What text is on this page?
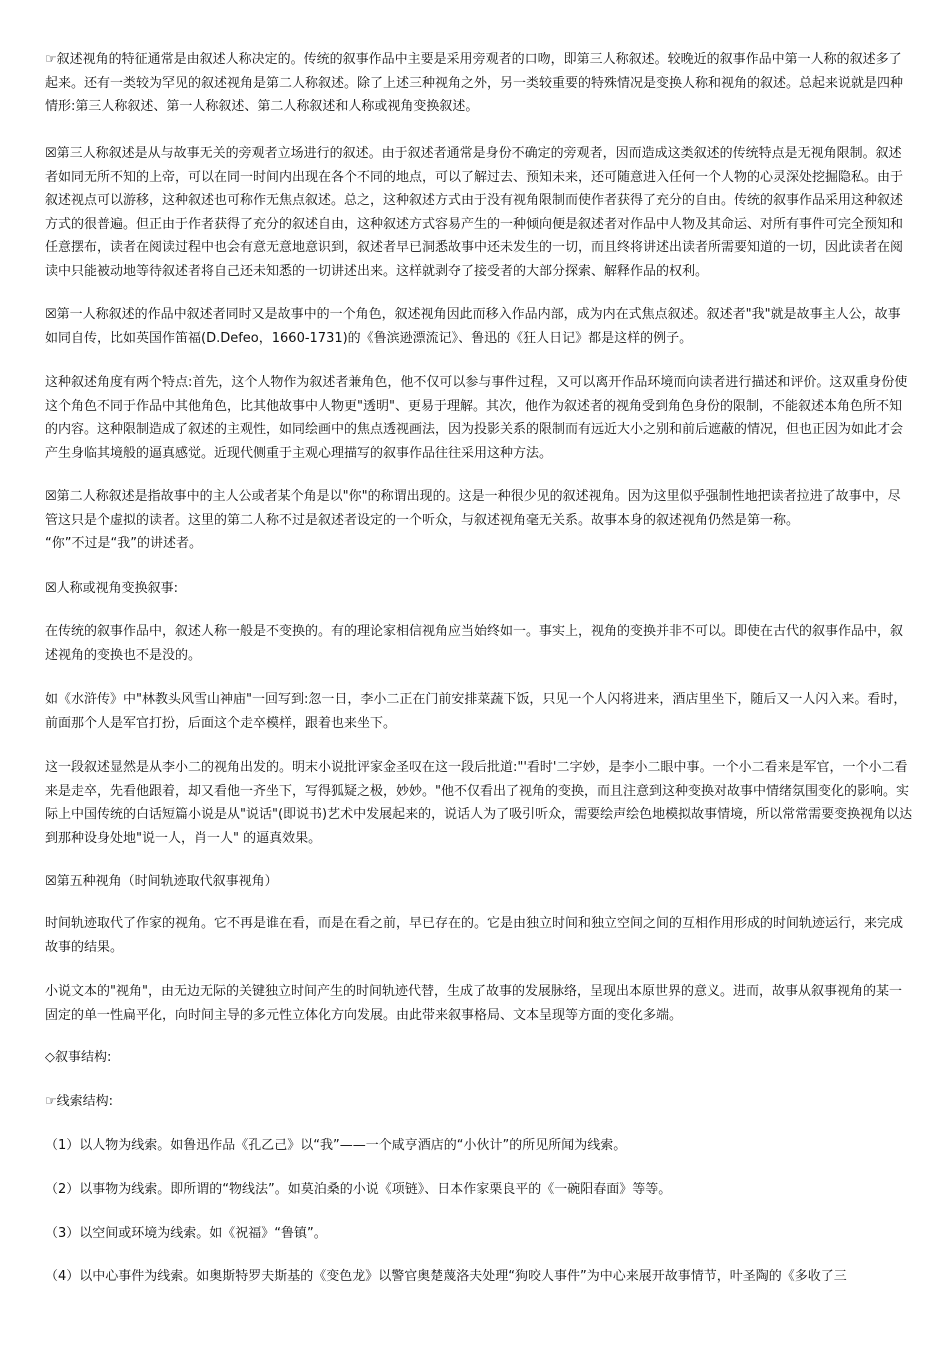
☞叙述视角的特征通常是由叙述人称决定的。传统的叙事作品中主要是采用旁观者的口吻，即第三人称叙述。较晚近的叙事作品中第一人称的叙述多了起来。还有一类较为罕见的叙述视角是第二人称叙述。除了上述三种视角之外，另一类较重要的特殊情况是变换人称和视角的叙述。总起来说就是四种情形:第三人称叙述、第一人称叙述、第二人称叙述和人称或视角变换叙述。

☒第三人称叙述是从与故事无关的旁观者立场进行的叙述。由于叙述者通常是身份不确定的旁观者，因而造成这类叙述的传统特点是无视角限制。叙述者如同无所不知的上帝，可以在同一时间内出现在各个不同的地点，可以了解过去、预知未来，还可随意进入任何一个人物的心灵深处挖掘隐私。由于叙述视点可以游移，这种叙述也可称作无焦点叙述。总之，这种叙述方式由于没有视角限制而使作者获得了充分的自由。传统的叙事作品采用这种叙述方式的很普遍。但正由于作者获得了充分的叙述自由，这种叙述方式容易产生的一种倾向便是叙述者对作品中人物及其命运、对所有事件可完全预知和任意摆布，读者在阅读过程中也会有意无意地意识到，叙述者早已洞悉故事中还未发生的一切，而且终将讲述出读者所需要知道的一切，因此读者在阅读中只能被动地等待叙述者将自己还未知悉的一切讲述出来。这样就剥夺了接受者的大部分探索、解释作品的权利。

☒第一人称叙述的作品中叙述者同时又是故事中的一个角色，叙述视角因此而移入作品内部，成为内在式焦点叙述。叙述者"我"就是故事主人公，故事如同自传，比如英国作笛福(D.Defeo，1660-1731)的《鲁滨逊漂流记》、鲁迅的《狂人日记》都是这样的例子。

这种叙述角度有两个特点:首先，这个人物作为叙述者兼角色，他不仅可以参与事件过程，又可以离开作品环境而向读者进行描述和评价。这双重身份使这个角色不同于作品中其他角色，比其他故事中人物更"透明"、更易于理解。其次，他作为叙述者的视角受到角色身份的限制，不能叙述本角色所不知的内容。这种限制造成了叙述的主观性，如同绘画中的焦点透视画法，因为投影关系的限制而有远近大小之别和前后遮蔽的情况，但也正因为如此才会产生身临其境般的逼真感觉。近现代侧重于主观心理描写的叙事作品往往采用这种方法。

☒第二人称叙述是指故事中的主人公或者某个角是以"你"的称谓出现的。这是一种很少见的叙述视角。因为这里似乎强制性地把读者拉进了故事中，尽管这只是个虚拟的读者。这里的第二人称不过是叙述者设定的一个听众，与叙述视角毫无关系。故事本身的叙述视角仍然是第一称。
“你”不过是“我”的讲述者。

☒人称或视角变换叙事:

在传统的叙事作品中，叙述人称一般是不变换的。有的理论家相信视角应当始终如一。事实上，视角的变换并非不可以。即使在古代的叙事作品中，叙述视角的变换也不是没的。

如《水浒传》中"林教头风雪山神庙"一回写到:忽一日，李小二正在门前安排菜蔬下饭，只见一个人闪将进来，酒店里坐下，随后又一人闪入来。看时，前面那个人是军官打扮，后面这个走卒模样，跟着也来坐下。

这一段叙述显然是从李小二的视角出发的。明末小说批评家金圣叹在这一段后批道:"'看时'二字妙，是李小二眼中事。一个小二看来是军官，一个小二看来是走卒，先看他跟着，却又看他一齐坐下，写得狐疑之极，妙妙。"他不仅看出了视角的变换，而且注意到这种变换对故事中情绪氛围变化的影响。实际上中国传统的白话短篇小说是从"说话"(即说书)艺术中发展起来的，说话人为了吸引听众，需要绘声绘色地模拟故事情境，所以常常需要变换视角以达到那种设身处地"说一人，肖一人" 的逼真效果。

☒第五种视角（时间轨迹取代叙事视角）

时间轨迹取代了作家的视角。它不再是谁在看，而是在看之前，早已存在的。它是由独立时间和独立空间之间的互相作用形成的时间轨迹运行，来完成故事的结果。

小说文本的"视角"，由无边无际的关键独立时间产生的时间轨迹代替，生成了故事的发展脉络，呈现出本原世界的意义。进而，故事从叙事视角的某一固定的单一性扁平化，向时间主导的多元性立体化方向发展。由此带来叙事格局、文本呈现等方面的变化多端。

◇叙事结构:

☞线索结构:

（1）以人物为线索。如鲁迅作品《孔乙己》以“我”——一个咸亨酒店的“小伙计”的所见所闻为线索。

（2）以事物为线索。即所谓的“物线法”。如莫泊桑的小说《项链》、日本作家栗良平的《一碗阳春面》等等。

（3）以空间或环境为线索。如《祝福》“鲁镇”。

（4）以中心事件为线索。如奥斯特罗夫斯基的《变色龙》以警官奥楚蔑洛夫处理“狗咬人事件”为中心来展开故事情节，叶圣陶的《多收了三
